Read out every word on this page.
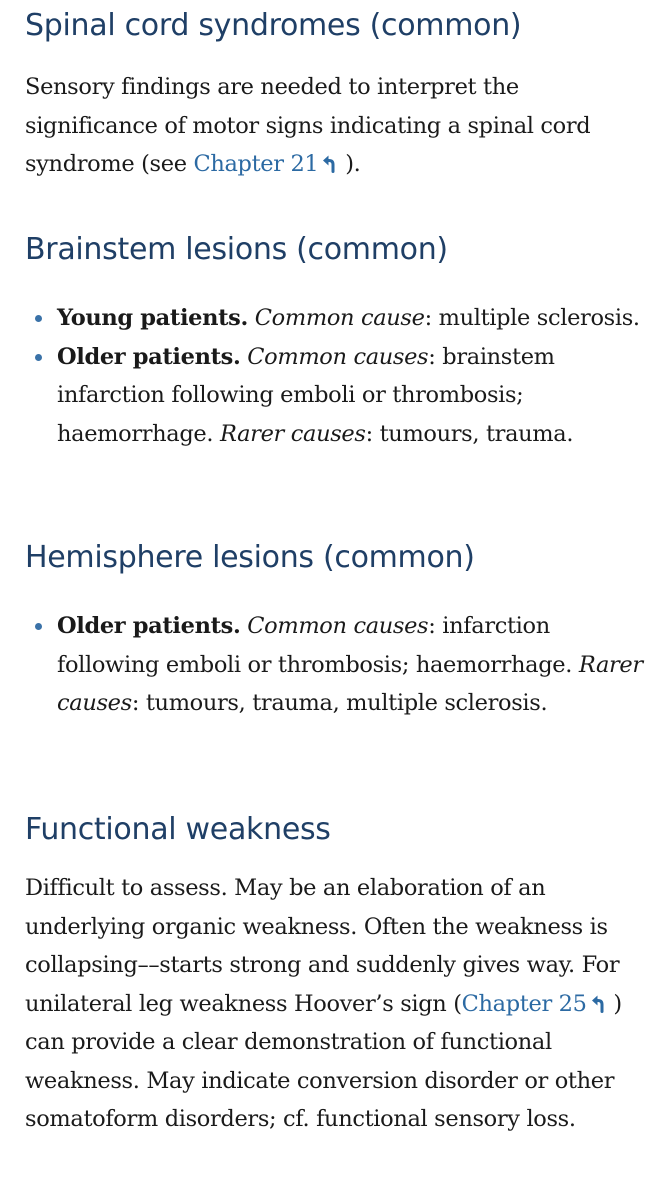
Spinal cord syndromes (common)

Sensory findings are needed to interpret the significance of motor signs indicating a spinal cord syndrome (see Chapter 21 ).

Brainstem lesions (common)
Young patients. Common cause: multiple sclerosis.
Older patients. Common causes: brainstem infarction following emboli or thrombosis; haemorrhage. Rarer causes: tumours, trauma.
Hemisphere lesions (common)
Older patients. Common causes: infarction following emboli or thrombosis; haemorrhage. Rarer causes: tumours, trauma, multiple sclerosis.
Functional weakness

Difficult to assess. May be an elaboration of an underlying organic weakness. Often the weakness is collapsing––starts strong and suddenly gives way. For unilateral leg weakness Hoover’s sign (Chapter 25 ) can provide a clear demonstration of functional weakness. May indicate conversion disorder or other somatoform disorders; cf. functional sensory loss.
